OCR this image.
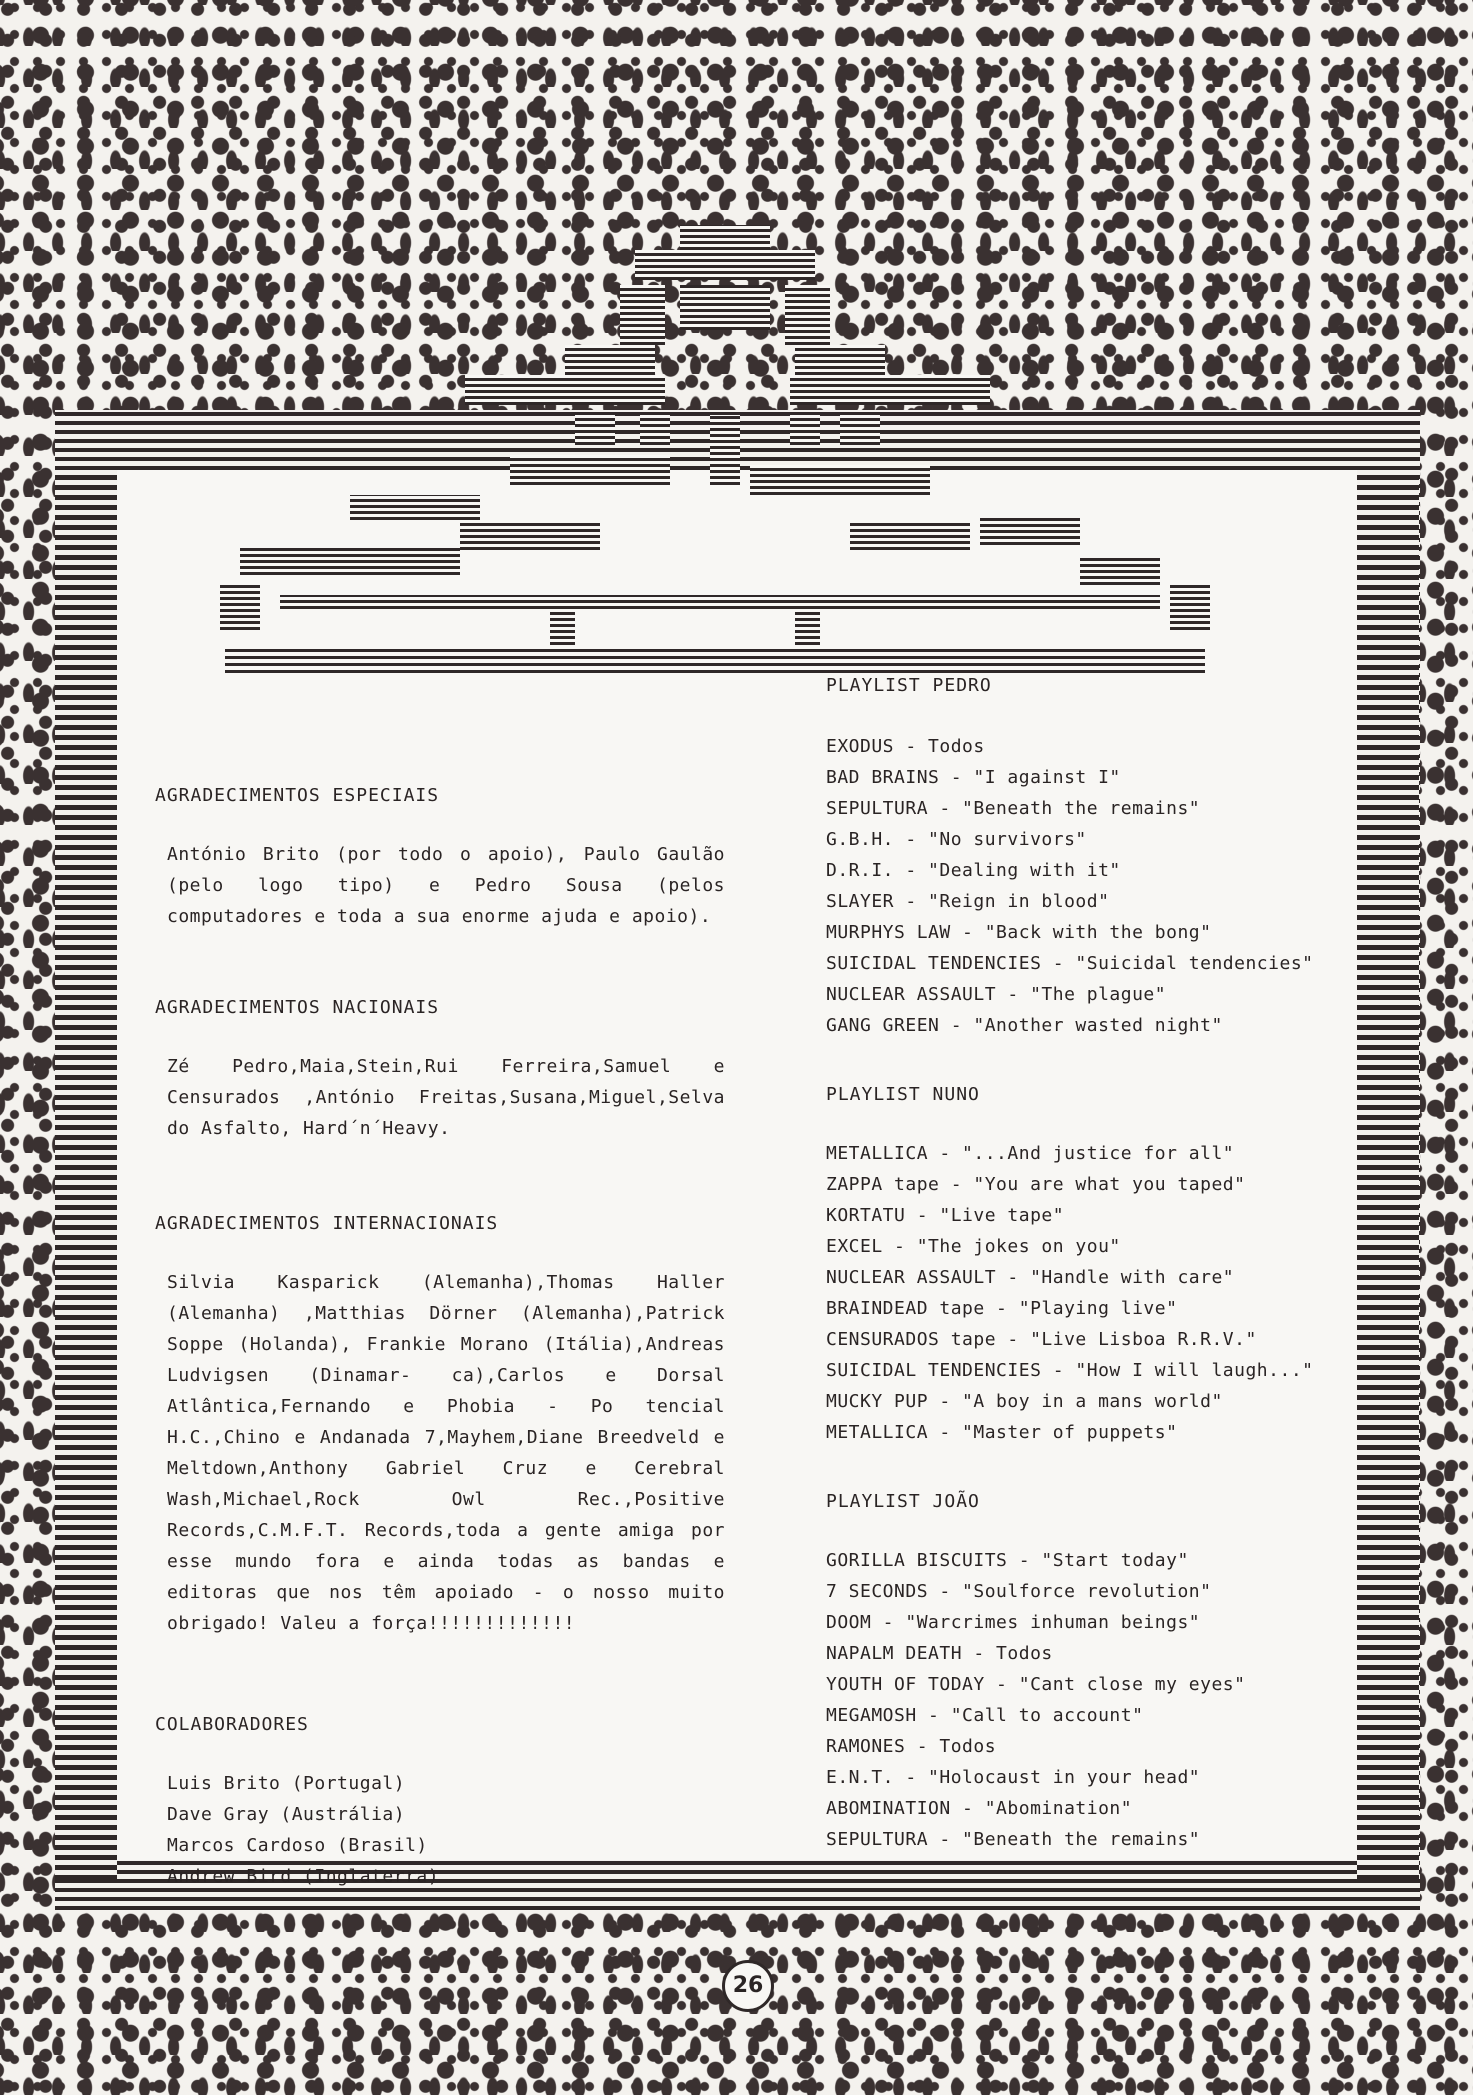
AGRADECIMENTOS ESPECIAIS

António Brito (por todo o apoio), Paulo Gaulão (pelo logo tipo) e Pedro Sousa (pelos computadores e toda a sua enorme ajuda e apoio).

AGRADECIMENTOS NACIONAIS

Zé Pedro,Maia,Stein,Rui Ferreira,Samuel e Censurados ,António Freitas,Susana,Miguel,Selva do Asfalto, Hard´n´Heavy.

AGRADECIMENTOS INTERNACIONAIS

Silvia Kasparick (Alemanha),Thomas Haller (Alemanha) ,Matthias Dörner (Alemanha),Patrick Soppe (Holanda), Frankie Morano (Itália),Andreas Ludvigsen (Dinamar- ca),Carlos e Dorsal Atlântica,Fernando e Phobia - Po tencial H.C.,Chino e Andanada 7,Mayhem,Diane Breedveld e Meltdown,Anthony Gabriel Cruz e Cerebral Wash,Michael,Rock Owl Rec.,Positive Records,C.M.F.T. Records,toda a gente amiga por esse mundo fora e ainda todas as bandas e editoras que nos têm apoiado - o nosso muito obrigado! Valeu a força!!!!!!!!!!!!!

COLABORADORES

Luis Brito (Portugal)

Dave Gray (Austrália)

Marcos Cardoso (Brasil)

Andrew Bird (Inglaterra)

PLAYLIST PEDRO

EXODUS - Todos

BAD BRAINS - "I against I"

SEPULTURA - "Beneath the remains"

G.B.H. - "No survivors"

D.R.I. - "Dealing with it"

SLAYER - "Reign in blood"

MURPHYS LAW - "Back with the bong"

SUICIDAL TENDENCIES - "Suicidal tendencies"

NUCLEAR ASSAULT - "The plague"

GANG GREEN - "Another wasted night"

PLAYLIST NUNO

METALLICA - "...And justice for all"

ZAPPA tape - "You are what you taped"

KORTATU - "Live tape"

EXCEL - "The jokes on you"

NUCLEAR ASSAULT - "Handle with care"

BRAINDEAD tape - "Playing live"

CENSURADOS tape - "Live Lisboa R.R.V."

SUICIDAL TENDENCIES - "How I will laugh..."

MUCKY PUP - "A boy in a mans world"

METALLICA - "Master of puppets"

PLAYLIST JOÃO

GORILLA BISCUITS - "Start today"

7 SECONDS - "Soulforce revolution"

DOOM - "Warcrimes inhuman beings"

NAPALM DEATH - Todos

YOUTH OF TODAY - "Cant close my eyes"

MEGAMOSH - "Call to account"

RAMONES - Todos

E.N.T. - "Holocaust in your head"

ABOMINATION - "Abomination"

SEPULTURA - "Beneath the remains"

26
